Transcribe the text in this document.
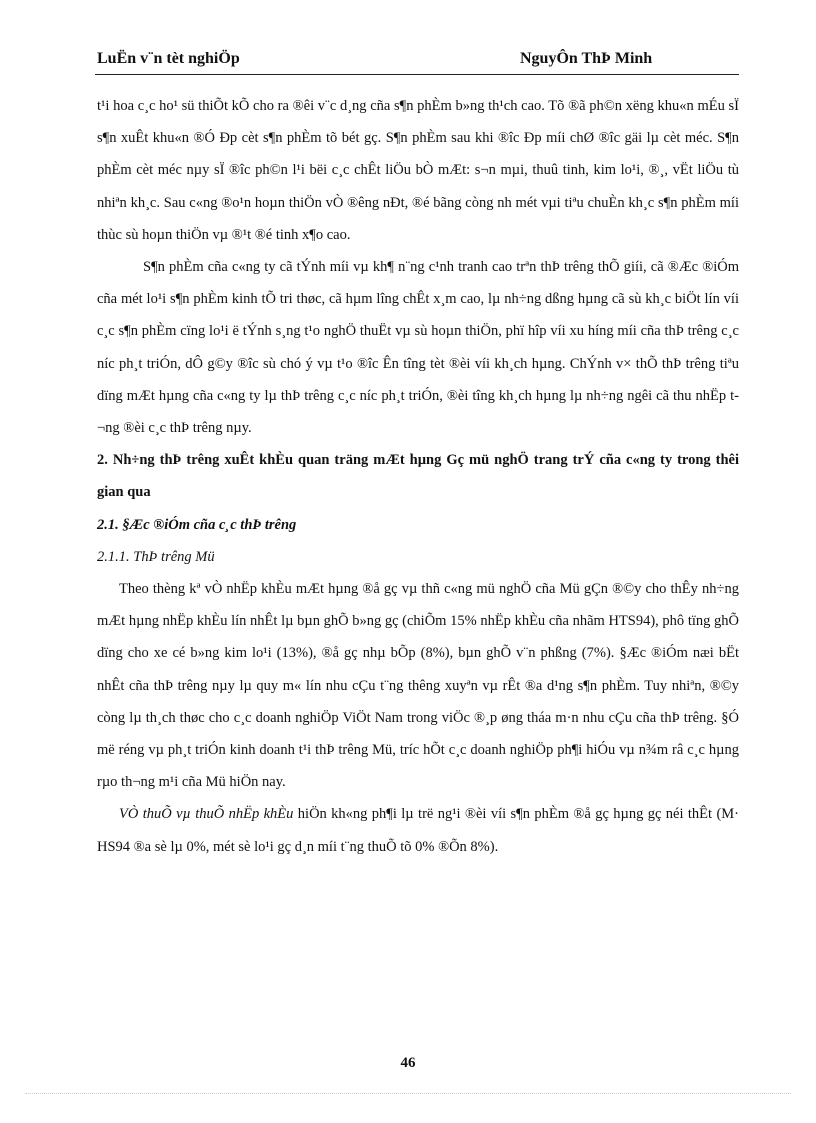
LuËn v¨n tèt nghiÖp	NguyÔn ThÞ Minh

t¹i hoa c¸c ho¹ sü thiÕt kÕ cho ra ®êi v¨c d¸ng cña s¶n phÈm b»ng th¹ch cao. Tõ ®ã ph©n xëng khu«n mÉu sÏ s¶n xuÊt khu«n ®Ó Ðp cèt s¶n phÈm tõ bét gç. S¶n phÈm sau khi ®îc Ðp míi chØ ®îc gäi lµ cèt méc. S¶n phÈm cèt méc nµy sÏ ®îc ph©n l¹i bëi c¸c chÊt liÖu bÒ mÆt: s¬n mµi, thuû tinh, kim lo¹i, ®¸, vËt liÖu tù nhiªn kh¸c. Sau c«ng ®o¹n hoµn thiÖn vÒ ®êng nÐt, ®é bãng còng nh mét vµi tiªu chuÈn kh¸c s¶n phÈm míi thùc sù hoµn thiÖn vµ ®¹t ®é tinh x¶o cao.

S¶n phÈm cña c«ng ty cã tÝnh míi vµ kh¶ n¨ng c¹nh tranh cao trªn thÞ trêng thÕ giíi, cã ®Æc ®iÓm cña mét lo¹i s¶n phÈm kinh tÕ tri thøc, cã hµm lîng chÊt x¸m cao, lµ nh÷ng dßng hµng cã sù kh¸c biÖt lín víi c¸c s¶n phÈm cïng lo¹i ë tÝnh s¸ng t¹o nghÖ thuËt vµ sù hoµn thiÖn, phï hîp víi xu híng míi cña thÞ trêng c¸c níc ph¸t triÓn, dÔ g©y ®îc sù chó ý vµ t¹o ®îc Ên tîng tèt ®èi víi kh¸ch hµng. ChÝnh v× thÕ thÞ trêng tiªu dïng mÆt hµng cña c«ng ty lµ thÞ trêng c¸c níc ph¸t triÓn, ®èi tîng kh¸ch hµng lµ nh÷ng ngêi cã thu nhËp t¬ng ®èi c¸c thÞ trêng nµy.

2. Nh÷ng thÞ trêng xuÊt khÈu quan träng mÆt hµng Gç mü nghÖ trang trÝ cña c«ng ty trong thêi gian qua

2.1. §Æc ®iÓm cña c¸c thÞ trêng

2.1.1. ThÞ trêng Mü

Theo thèng kª vÒ nhËp khÈu mÆt hµng ®å gç vµ thñ c«ng mü nghÖ cña Mü gÇn ®©y cho thÊy nh÷ng mÆt hµng nhËp khÈu lín nhÊt lµ bµn ghÕ b»ng gç (chiÕm 15% nhËp khÈu cña nhãm HTS94), phô tïng ghÕ dïng cho xe cé b»ng kim lo¹i (13%), ®å gç nhµ bÕp (8%), bµn ghÕ v¨n phßng (7%). §Æc ®iÓm næi bËt nhÊt cña thÞ trêng nµy lµ quy m« lín nhu cÇu t¨ng thêng xuyªn vµ rÊt ®a d¹ng s¶n phÈm. Tuy nhiªn, ®©y còng lµ th¸ch thøc cho c¸c doanh nghiÖp ViÖt Nam trong viÖc ®¸p øng tháa m·n nhu cÇu cña thÞ trêng. §Ó më réng vµ ph¸t triÓn kinh doanh t¹i thÞ trêng Mü, tríc hÕt c¸c doanh nghiÖp ph¶i hiÓu vµ n¾m râ c¸c hµng rµo th¬ng m¹i cña Mü hiÖn nay.

VÒ thuÕ vµ thuÕ nhËp khÈu hiÖn kh«ng ph¶i lµ trë ng¹i ®èi víi s¶n phÈm ®å gç hµng gç néi thÊt (M· HS94 ®a sè lµ 0%, mét sè lo¹i gç d¸n míi t¨ng thuÕ tõ 0% ®Õn 8%).

46
